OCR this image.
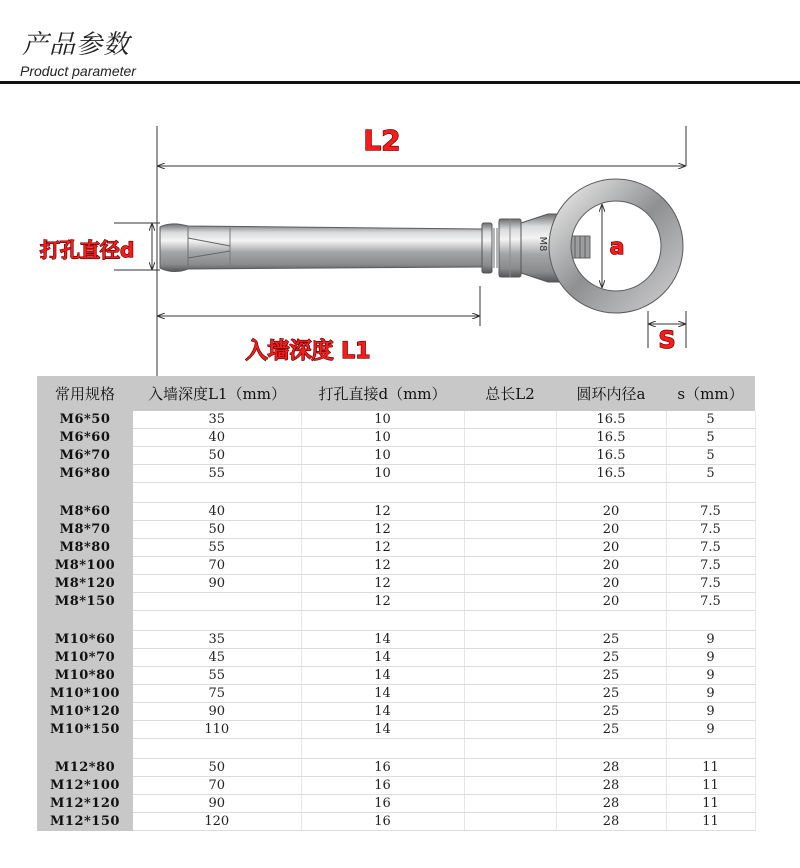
产品参数
Product parameter
M8
L2
打孔直径d
入墙深度 L1
a
S
常用规格	入墙深度L1（mm）	打孔直接d（mm）	总长L2	圆环内径a	s（mm）
M6*50	35	10		16.5	5
M6*60	40	10		16.5	5
M6*70	50	10		16.5	5
M6*80	55	10		16.5	5

M8*60	40	12		20	7.5
M8*70	50	12		20	7.5
M8*80	55	12		20	7.5
M8*100	70	12		20	7.5
M8*120	90	12		20	7.5
M8*150		12		20	7.5

M10*60	35	14		25	9
M10*70	45	14		25	9
M10*80	55	14		25	9
M10*100	75	14		25	9
M10*120	90	14		25	9
M10*150	110	14		25	9

M12*80	50	16		28	11
M12*100	70	16		28	11
M12*120	90	16		28	11
M12*150	120	16		28	11
